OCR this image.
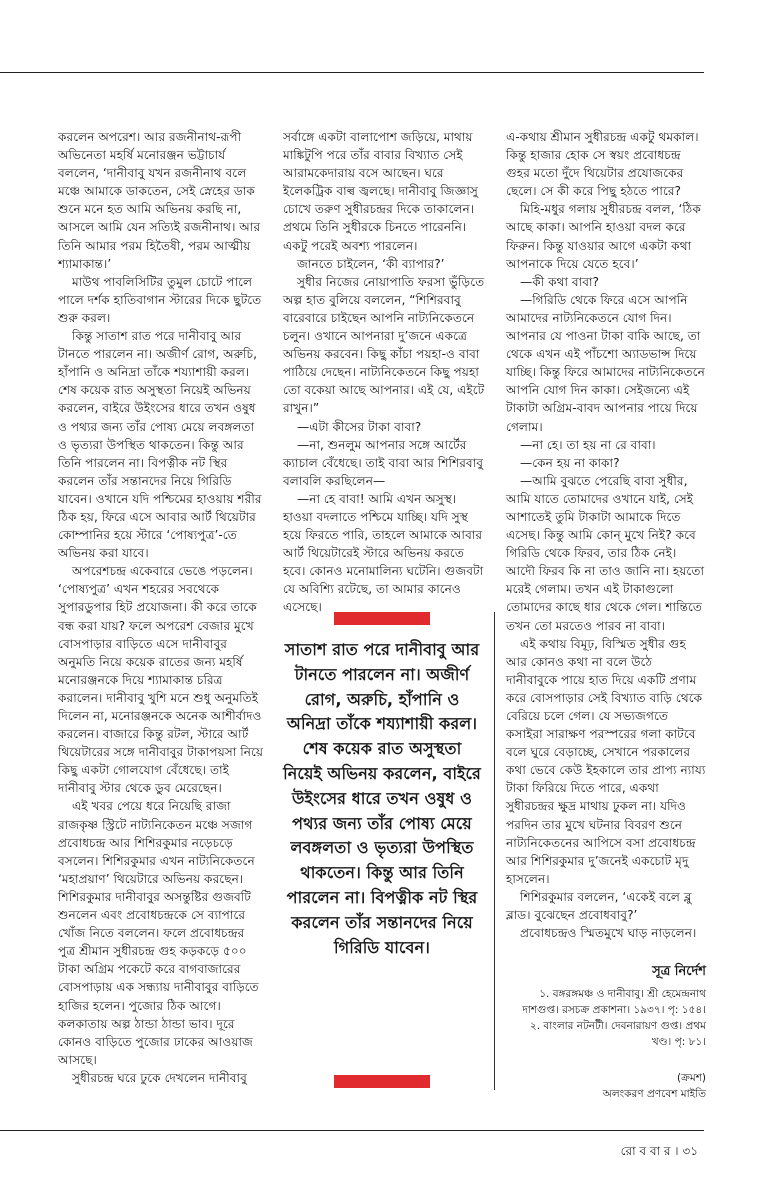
করলেন অপরেশ। আর রজনীনাথ-রূপী অভিনেতা মহর্ষি মনোরঞ্জন ভট্টাচার্য বললেন, ‘দানীবাবু যখন রজনীনাথ বলে মঞ্চে আমাকে ডাকতেন, সেই স্নেহের ডাক শুনে মনে হত আমি অভিনয় করছি না, আসলে আমি যেন সত্যিই রজনীনাথ। আর তিনি আমার পরম হিতৈষী, পরম আত্মীয় শ্যামাকান্ত।’

মাউথ পাবলিসিটির তুমুল চোটে পালে পালে দর্শক হাতিবাগান স্টারের দিকে ছুটতে শুরু করল।

কিন্তু সাতাশ রাত পরে দানীবাবু আর টানতে পারলেন না। অজীর্ণ রোগ, অরুচি, হাঁপানি ও অনিদ্রা তাঁকে শয্যাশায়ী করল। শেষ কয়েক রাত অসুস্থতা নিয়েই অভিনয় করলেন, বাইরে উইংসের ধারে তখন ওষুধ ও পথ্যর জন্য তাঁর পোষ্য মেয়ে লবঙ্গলতা ও ভৃত্যরা উপস্থিত থাকতেন। কিন্তু আর তিনি পারলেন না। বিপত্নীক নট স্থির করলেন তাঁর সন্তানদের নিয়ে গিরিডি যাবেন। ওখানে যদি পশ্চিমের হাওয়ায় শরীর ঠিক হয়, ফিরে এসে আবার আর্ট থিয়েটার কোম্পানির হয়ে স্টারে ‘পোষ্যপুত্র’-তে অভিনয় করা যাবে।

অপরেশচন্দ্র একেবারে ভেঙে পড়লেন। ‘পোষ্যপুত্র’ এখন শহরের সবথেকে সুপারডুপার হিট প্রযোজনা। কী করে তাকে বন্ধ করা যায়? ফলে অপরেশ বেজার মুখে বোসপাড়ার বাড়িতে এসে দানীবাবুর অনুমতি নিয়ে কয়েক রাতের জন্য মহর্ষি মনোরঞ্জনকে দিয়ে শ্যামাকান্ত চরিত্র করালেন। দানীবাবু খুশি মনে শুধু অনুমতিই দিলেন না, মনোরঞ্জনকে অনেক আশীর্বাদও করলেন। বাজারে কিন্তু রটল, স্টারে আর্ট থিয়েটারের সঙ্গে দানীবাবুর টাকাপয়সা নিয়ে কিছু একটা গোলযোগ বেঁধেছে। তাই দানীবাবু স্টার থেকে ডুব মেরেছেন।

এই খবর পেয়ে ধরে নিয়েছি রাজা রাজকৃষ্ণ স্ট্রিটে নাট্যনিকেতন মঞ্চে সজাগ প্রবোধচন্দ্র আর শিশিরকুমার নড়েচড়ে বসলেন। শিশিরকুমার এখন নাট্যনিকেতনে ‘মহাপ্রয়াণ’ থিয়েটারে অভিনয় করছেন। শিশিরকুমার দানীবাবুর অসন্তুষ্টির গুজবটি শুনলেন এবং প্রবোধচন্দ্রকে সে ব্যাপারে খোঁজ নিতে বললেন। ফলে প্রবোধচন্দ্রর পুত্র শ্রীমান সুধীরচন্দ্র গুহ কড়কড়ে ৫০০ টাকা অগ্রিম পকেটে করে বাগবাজারের বোসপাড়ায় এক সন্ধ্যায় দানীবাবুর বাড়িতে হাজির হলেন। পুজোর ঠিক আগে। কলকাতায় অল্প ঠান্ডা ঠান্ডা ভাব। দূরে কোনও বাড়িতে পুজোর ঢাকের আওয়াজ আসছে।

সুধীরচন্দ্র ঘরে ঢুকে দেখলেন দানীবাবু

সর্বাঙ্গে একটা বালাপোশ জড়িয়ে, মাথায় মাঙ্কিটুপি পরে তাঁর বাবার বিখ্যাত সেই আরামকেদারায় বসে আছেন। ঘরে ইলেকট্রিক বাল্ব জ্বলছে। দানীবাবু জিজ্ঞাসু চোখে তরুণ সুধীরচন্দ্রর দিকে তাকালেন। প্রথমে তিনি সুধীরকে চিনতে পারেননি। একটু পরেই অবশ্য পারলেন।

জানতে চাইলেন, ‘কী ব্যাপার?’

সুধীর নিজের নোয়াপাতি ফরসা ভুঁড়িতে অল্প হাত বুলিয়ে বললেন, “শিশিরবাবু বারেবারে চাইছেন আপনি নাট্যনিকেতনে চলুন। ওখানে আপনারা দু’জনে একত্রে অভিনয় করবেন। কিছু কাঁচা পয়হা-ও বাবা পাঠিয়ে দেছেন। নাট্যনিকেতনে কিছু পয়হা তো বকেয়া আছে আপনার। এই যে, এইটে রাখুন।”

—এটা কীসের টাকা বাবা?

—না, শুনলুম আপনার সঙ্গে আর্টের ক্যাচাল বেঁধেছে। তাই বাবা আর শিশিরবাবু বলাবলি করছিলেন—

—না হে বাবা! আমি এখন অসুস্থ। হাওয়া বদলাতে পশ্চিমে যাচ্ছি। যদি সুস্থ হয়ে ফিরতে পারি, তাহলে আমাকে আবার আর্ট থিয়েটারেই স্টারে অভিনয় করতে হবে। কোনও মনোমালিন্য ঘটেনি। গুজবটা যে অবিশ্যি রটেছে, তা আমার কানেও এসেছে।

সাতাশ রাত পরে দানীবাবু আর টানতে পারলেন না। অজীর্ণ রোগ, অরুচি, হাঁপানি ও অনিদ্রা তাঁকে শয্যাশায়ী করল। শেষ কয়েক রাত অসুস্থতা নিয়েই অভিনয় করলেন, বাইরে উইংসের ধারে তখন ওষুধ ও পথ্যর জন্য তাঁর পোষ্য মেয়ে লবঙ্গলতা ও ভৃত্যরা উপস্থিত থাকতেন। কিন্তু আর তিনি পারলেন না। বিপত্নীক নট স্থির করলেন তাঁর সন্তানদের নিয়ে গিরিডি যাবেন।

এ-কথায় শ্রীমান সুধীরচন্দ্র একটু থমকাল। কিন্তু হাজার হোক সে স্বয়ং প্রবোধচন্দ্র গুহর মতো দুঁদে থিয়েটার প্রযোজকের ছেলে। সে কী করে পিছু হঠতে পারে?

মিহি-মধুর গলায় সুধীরচন্দ্র বলল, ‘ঠিক আছে কাকা। আপনি হাওয়া বদল করে ফিরুন। কিন্তু যাওয়ার আগে একটা কথা আপনাকে দিয়ে যেতে হবে।’

—কী কথা বাবা?

—গিরিডি থেকে ফিরে এসে আপনি আমাদের নাট্যনিকেতনে যোগ দিন। আপনার যে পাওনা টাকা বাকি আছে, তা থেকে এখন এই পাঁচশো অ্যাডভান্স দিয়ে যাচ্ছি। কিন্তু ফিরে আমাদের নাট্যনিকেতনে আপনি যোগ দিন কাকা। সেইজন্যে এই টাকাটা অগ্রিম-বাবদ আপনার পায়ে দিয়ে গেলাম।

—না হে। তা হয় না রে বাবা।

—কেন হয় না কাকা?

—আমি বুঝতে পেরেছি বাবা সুধীর, আমি যাতে তোমাদের ওখানে যাই, সেই আশাতেই তুমি টাকাটা আমাকে দিতে এসেছ। কিন্তু আমি কোন্ মুখে নিই? কবে গিরিডি থেকে ফিরব, তার ঠিক নেই। আদৌ ফিরব কি না তাও জানি না। হয়তো মরেই গেলাম। তখন এই টাকাগুলো তোমাদের কাছে ধার থেকে গেল। শান্তিতে তখন তো মরতেও পারব না বাবা।

এই কথায় বিমূঢ়, বিস্মিত সুধীর গুহ আর কোনও কথা না বলে উঠে দানীবাবুকে পায়ে হাত দিয়ে একটি প্রণাম করে বোসপাড়ার সেই বিখ্যাত বাড়ি থেকে বেরিয়ে চলে গেল। যে সভ্যজগতে কসাইরা সারাক্ষণ পরস্পরের গলা কাটবে বলে ঘুরে বেড়াচ্ছে, সেখানে পরকালের কথা ভেবে কেউ ইহকালে তার প্রাপ্য ন্যায্য টাকা ফিরিয়ে দিতে পারে, একথা সুধীরচন্দ্রর ক্ষুদ্র মাথায় ঢুকল না। যদিও পরদিন তার মুখে ঘটনার বিবরণ শুনে নাট্যনিকেতনের আপিসে বসা প্রবোধচন্দ্র আর শিশিরকুমার দু’জনেই একচোট মৃদু হাসলেন।

শিশিরকুমার বললেন, ‘একেই বলে ব্লু ব্লাড। বুঝেছেন প্রবোধবাবু?’

প্রবোধচন্দ্রও স্মিতমুখে ঘাড় নাড়লেন।

সূত্র নির্দেশ
১. বঙ্গরঙ্গমঞ্চ ও দানীবাবু। শ্রী হেমেন্দ্রনাথ দাশগুপ্ত। রসচক্র প্রকাশনা। ১৯৩৭। পৃ: ১৫৪।
২. বাংলার নটনটী। দেবনারায়ণ গুপ্ত। প্রথম খণ্ড। পৃ: ৮১।
(ক্রমশ)
অলংকরণ প্রণবেশ মাইতি
রো ব বা র । ৩১
